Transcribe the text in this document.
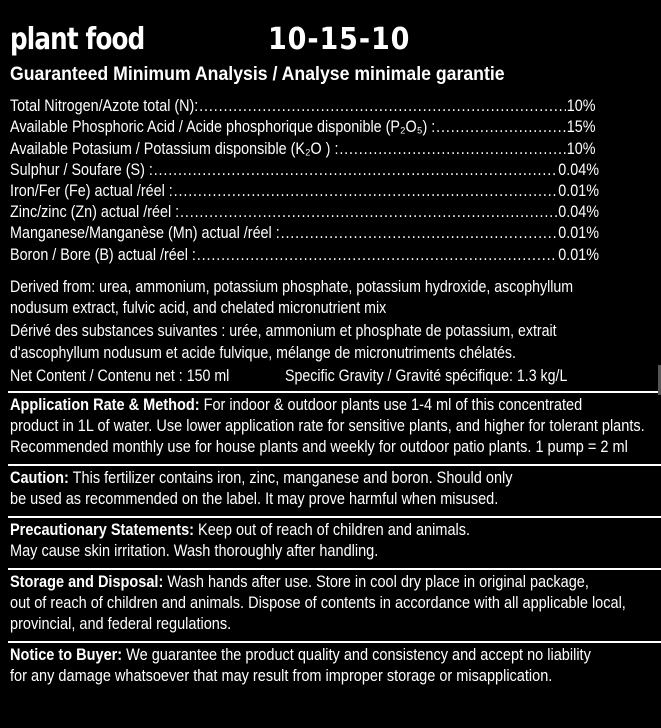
plant food	10-15-10
Guaranteed Minimum Analysis / Analyse minimale garantie
Total Nitrogen/Azote total (N): .....	10%
Available Phosphoric Acid / Acide phosphorique disponible (P₂O₅) : .....	15%
Available Potasium / Potassium disponsible (K₂O ) : .....	10%
Sulphur / Soufare (S) : .....	0.04%
Iron/Fer (Fe) actual /réel : .....	0.01%
Zinc/zinc (Zn) actual /réel : .....	0.04%
Manganese/Manganèse (Mn) actual /réel : .....	0.01%
Boron / Bore (B) actual /réel : .....	0.01%
Derived from: urea, ammonium, potassium phosphate, potassium hydroxide, ascophyllum
nodusum extract, fulvic acid, and chelated micronutrient mix
Dérivé des substances suivantes : urée, ammonium et phosphate de potassium, extrait
d'ascophyllum nodusum et acide fulvique, mélange de micronutriments chélatés.
Net Content / Contenu net : 150 ml	Specific Gravity / Gravité spécifique: 1.3 kg/L
Application Rate & Method: For indoor & outdoor plants use 1-4 ml of this concentrated
product in 1L of water. Use lower application rate for sensitive plants, and higher for tolerant plants.
Recommended monthly use for house plants and weekly for outdoor patio plants. 1 pump = 2 ml
Caution: This fertilizer contains iron, zinc, manganese and boron. Should only
be used as recommended on the label. It may prove harmful when misused.
Precautionary Statements: Keep out of reach of children and animals.
May cause skin irritation. Wash thoroughly after handling.
Storage and Disposal: Wash hands after use. Store in cool dry place in original package,
out of reach of children and animals. Dispose of contents in accordance with all applicable local,
provincial, and federal regulations.
Notice to Buyer: We guarantee the product quality and consistency and accept no liability
for any damage whatsoever that may result from improper storage or misapplication.
